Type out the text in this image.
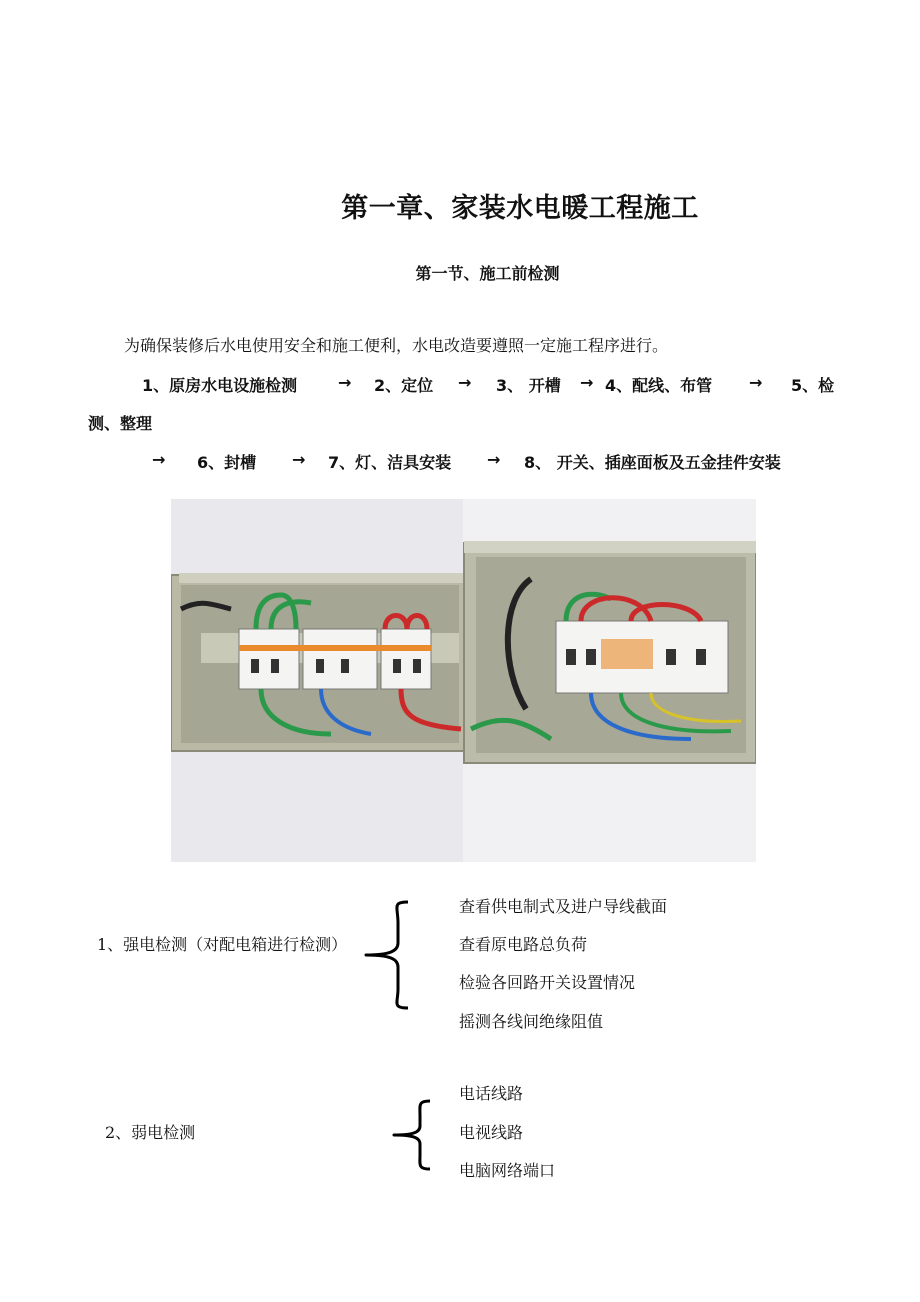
第一章、家装水电暖工程施工
第一节、施工前检测
为确保装修后水电使用安全和施工便利，水电改造要遵照一定施工程序进行。
1、原房水电设施检测	→ 2、定位 → 3、 开槽 → 4、配线、布管 → 5、检
测、整理
→ 6、封槽 → 7、灯、洁具安装 → 8、 开关、插座面板及五金挂件安装
1、强电检测（对配电箱进行检测）
查看供电制式及进户导线截面
查看原电路总负荷
检验各回路开关设置情况
摇测各线间绝缘阻值
2、弱电检测
电话线路
电视线路
电脑网络端口
